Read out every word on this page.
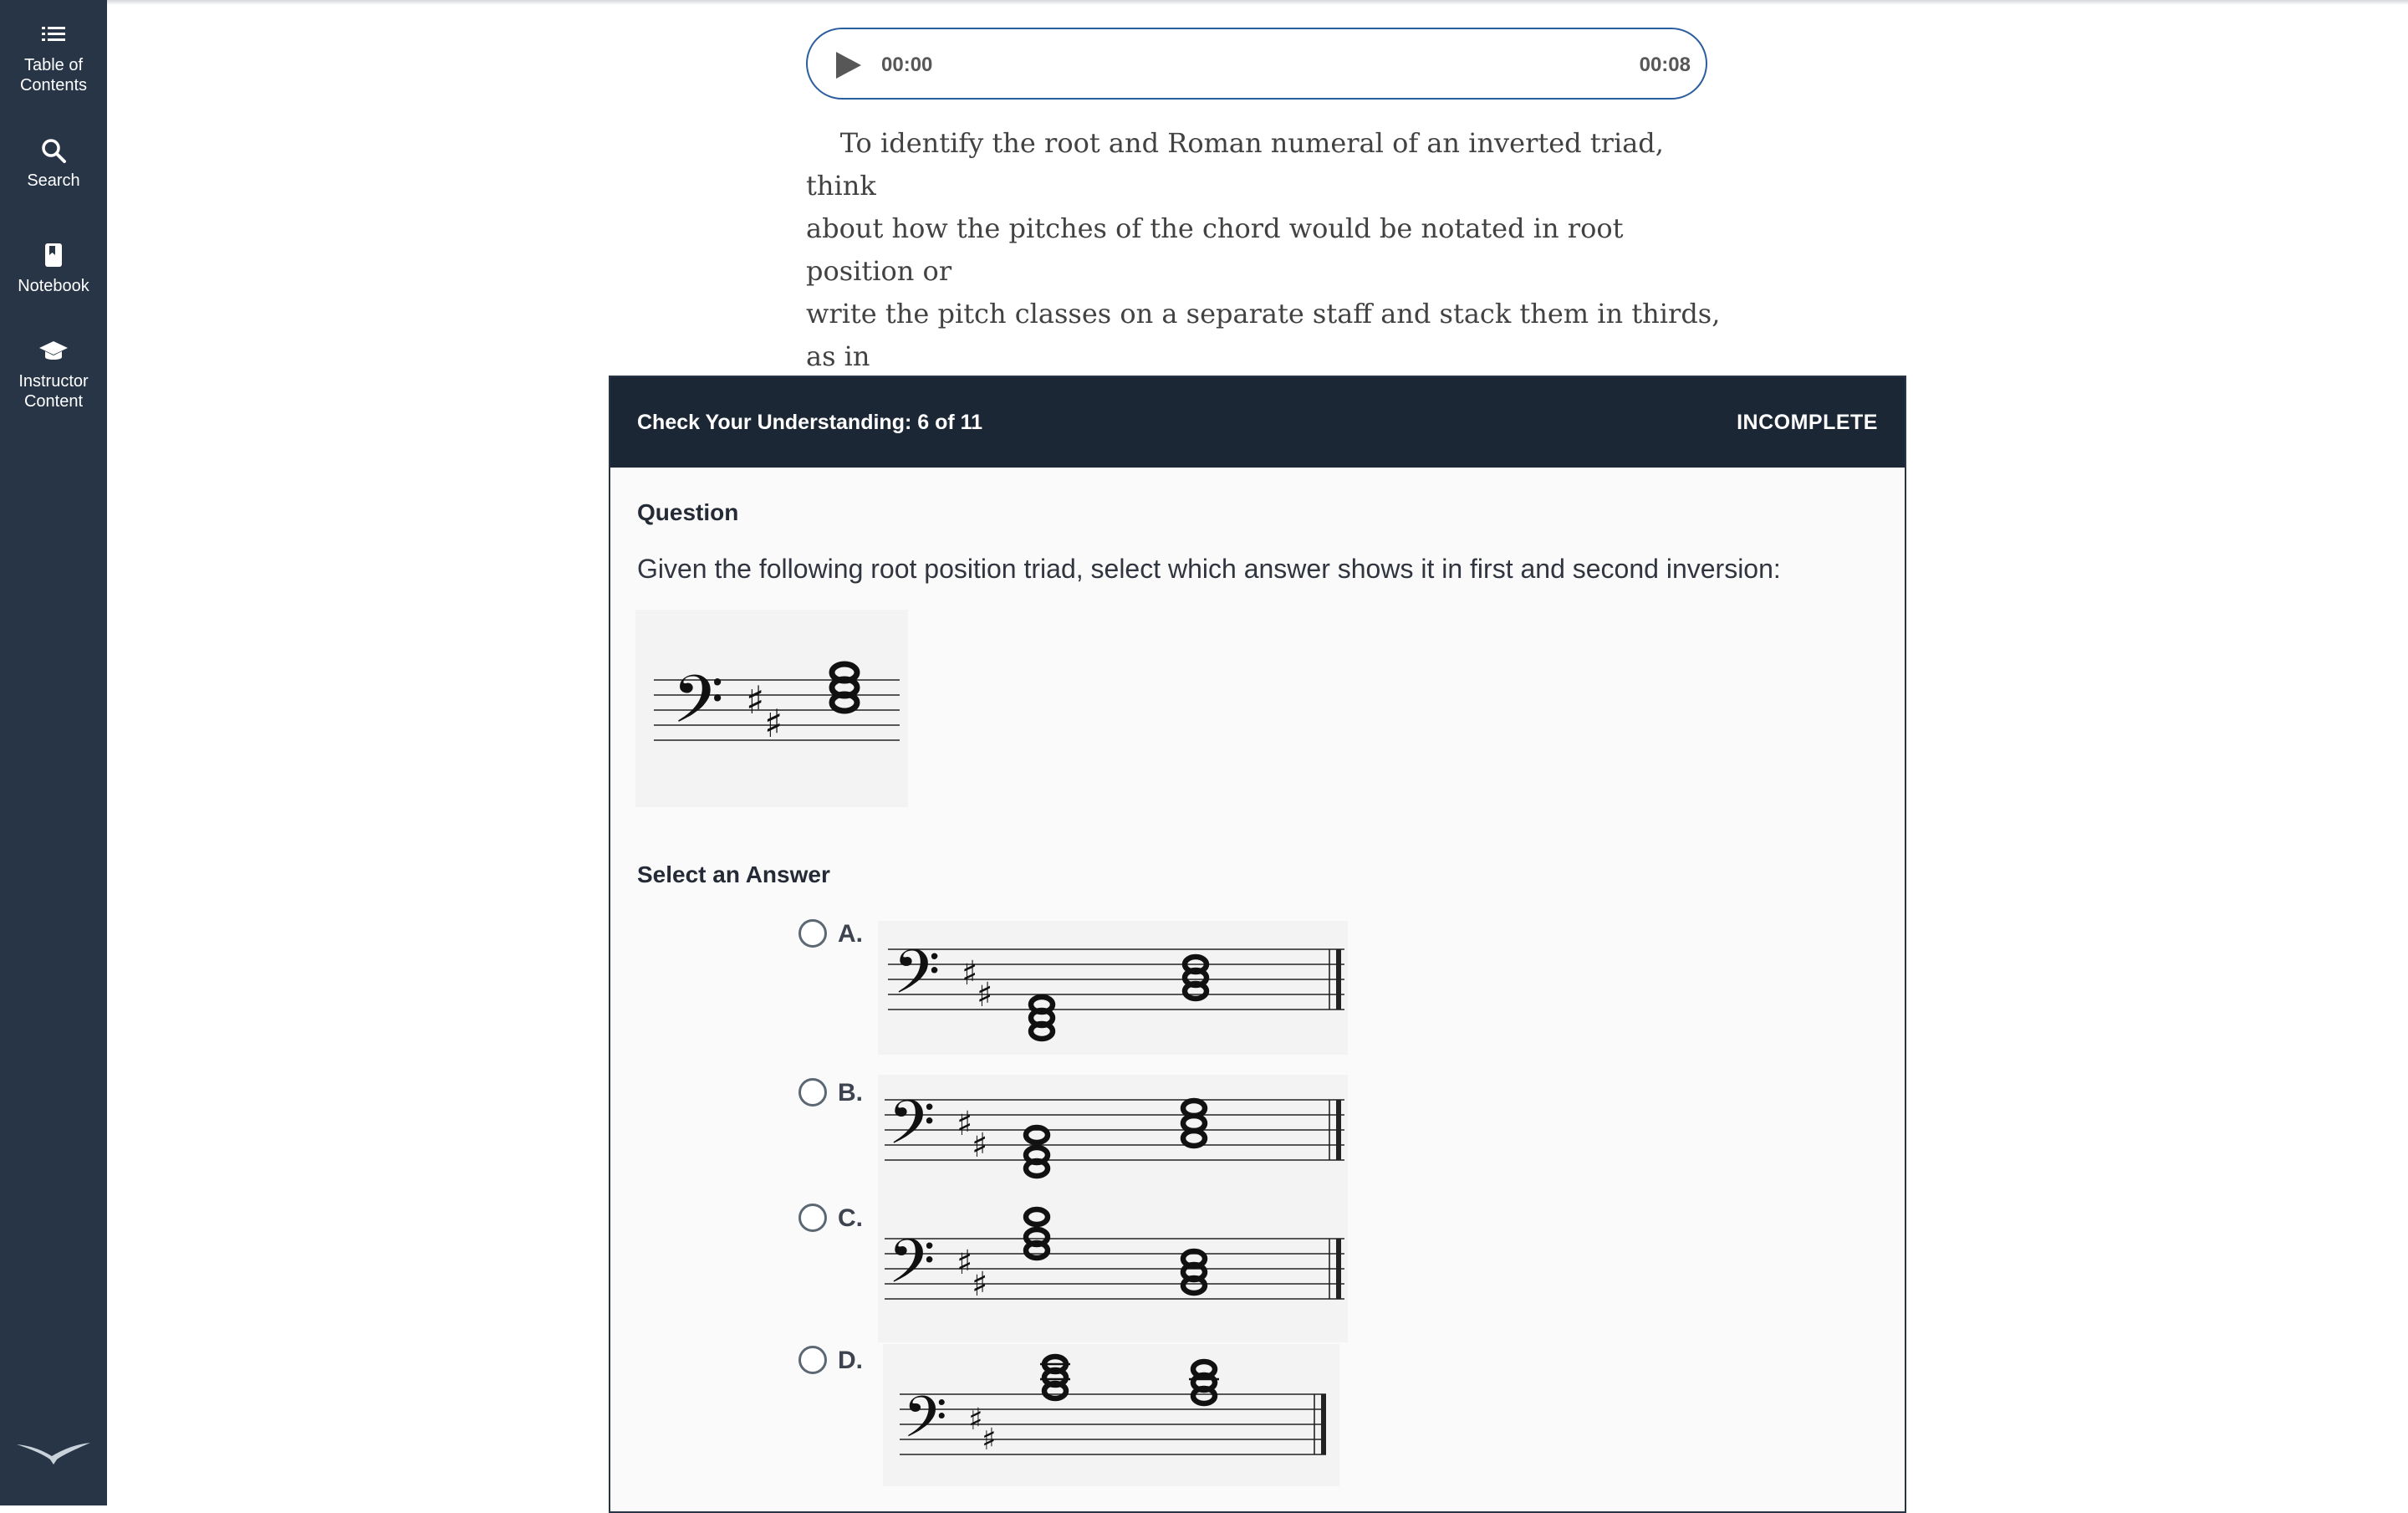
Table of
Contents
Search
Notebook
Instructor
Content
00:00	00:08

To identify the root and Roman numeral of an inverted triad, think
about how the pitches of the chord would be notated in root position or
write the pitch classes on a separate staff and stack them in thirds, as in

Check Your Understanding: 6 of 11	INCOMPLETE
Question
Given the following root position triad, select which answer shows it in first and second inversion:
𝄢 ♯
♯
Select an Answer
A.
𝄢 ♯
♯
B. 𝄢 ♯
♯
C.
𝄢 ♯
♯
D.
𝄢 ♯
♯
